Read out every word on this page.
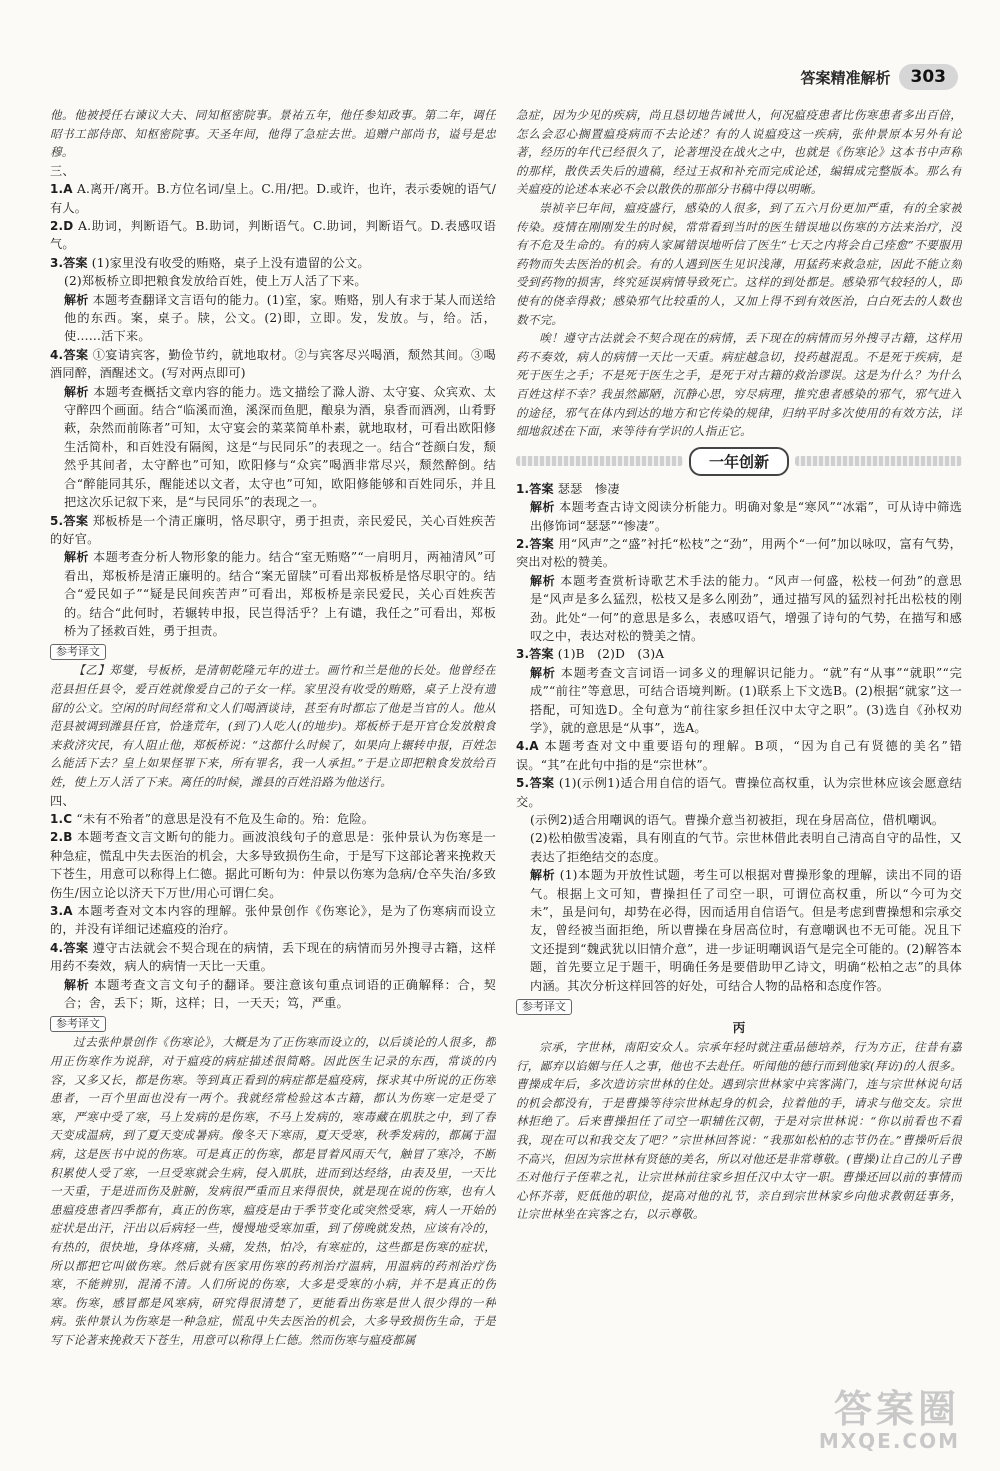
答案精准解析	303

他。他被授任右谏议大夫、同知枢密院事。景祐五年，他任参知政事。第二年，调任昭书工部侍郎、知枢密院事。天圣年间，他得了急症去世。追赠户部尚书，谥号是忠穆。

三、

1.A A.离开/离开。B.方位名词/皇上。C.用/把。D.或许，也许，表示委婉的语气/有人。

2.D A.助词，判断语气。B.助词，判断语气。C.助词，判断语气。D.表感叹语气。

3.答案 (1)家里没有收受的贿赂，桌子上没有遗留的公文。

(2)郑板桥立即把粮食发放给百姓，使上万人活了下来。

解析 本题考查翻译文言语句的能力。(1)室，家。贿赂，别人有求于某人而送给他的东西。案，桌子。牍，公文。(2)即，立即。发，发放。与，给。活，使……活下来。

4.答案 ①宴请宾客，勤俭节约，就地取材。②与宾客尽兴喝酒，颓然其间。③喝酒同醉，酒醒述文。(写对两点即可)

解析 本题考查概括文章内容的能力。选文描绘了滁人游、太守宴、众宾欢、太守醉四个画面。结合“临溪而渔，溪深而鱼肥，酿泉为酒，泉香而酒冽，山肴野蔌，杂然而前陈者”可知，太守宴会的菜菜简单朴素，就地取材，可看出欧阳修生活简朴，和百姓没有隔阂，这是“与民同乐”的表现之一。结合“苍颜白发，颓然乎其间者，太守醉也”可知，欧阳修与“众宾”喝酒非常尽兴，颓然醉倒。结合“醉能同其乐，醒能述以文者，太守也”可知，欧阳修能够和百姓同乐，并且把这次乐记叙下来，是“与民同乐”的表现之一。

5.答案 郑板桥是一个清正廉明，恪尽职守，勇于担责，亲民爱民，关心百姓疾苦的好官。

解析 本题考查分析人物形象的能力。结合“室无贿赂”“一肩明月，两袖清风”可看出，郑板桥是清正廉明的。结合“案无留牍”可看出郑板桥是恪尽职守的。结合“爱民如子”“疑是民间疾苦声”可看出，郑板桥是亲民爱民，关心百姓疾苦的。结合“此何时，若辗转申报，民岂得活乎？上有谴，我任之”可看出，郑板桥为了拯救百姓，勇于担责。

参考译文

【乙】郑燮，号板桥，是清朝乾隆元年的进士。画竹和兰是他的长处。他曾经在范县担任县令，爱百姓就像爱自己的子女一样。家里没有收受的贿赂，桌子上没有遗留的公文。空闲的时间经常和文人们喝酒谈诗，甚至有时都忘了他是当官的人。他从范县被调到潍县任官，恰逢荒年，(到了)人吃人(的地步)。郑板桥于是开官仓发放粮食来救济灾民，有人阻止他，郑板桥说：“这都什么时候了，如果向上辗转申报，百姓怎么能活下去？皇上如果怪罪下来，所有罪名，我一人承担。”于是立即把粮食发放给百姓，使上万人活了下来。离任的时候，潍县的百姓沿路为他送行。

四、

1.C “未有不殆者”的意思是没有不危及生命的。殆：危险。

2.B 本题考查文言文断句的能力。画波浪线句子的意思是：张仲景认为伤寒是一种急症，慌乱中失去医治的机会，大多导致损伤生命，于是写下这部论著来挽救天下苍生，用意可以称得上仁德。据此可断句为：仲景以伤寒为急病/仓卒失治/多致伤生/因立论以济天下万世/用心可谓仁矣。

3.A 本题考查对文本内容的理解。张仲景创作《伤寒论》，是为了伤寒病而设立的，并没有详细记述瘟疫的治疗。

4.答案 遵守古法就会不契合现在的病情，丢下现在的病情而另外搜寻古籍，这样用药不奏效，病人的病情一天比一天重。

解析 本题考查文言文句子的翻译。要注意该句重点词语的正确解释：合，契合；舍，丢下；斯，这样；日，一天天；笃，严重。

参考译文

过去张仲景创作《伤寒论》，大概是为了正伤寒而设立的，以后谈论的人很多，都用正伤寒作为说辞，对于瘟疫的病症描述很简略。因此医生记录的东西，常谈的内容，又多又长，都是伤寒。等到真正看到的病症都是瘟疫病，探求其中所说的正伤寒患者，一百个里面也没有一两个。我就经常检验这本古籍，都认为伤寒一定是受了寒，严寒中受了寒，马上发病的是伤寒，不马上发病的，寒毒藏在肌肤之中，到了春天变成温病，到了夏天变成暑病。像冬天下寒雨，夏天受寒，秋季发病的，都属于温病，这是医书中说的伤寒。可是真正的伤寒，都是冒着风雨天气，触冒了寒冷，不断积累使人受了寒，一旦受寒就会生病，侵入肌肤，进而到达经络，由表及里，一天比一天重，于是进而伤及脏腑，发病很严重而且来得很快，就是现在说的伤寒，也有人患瘟疫患者四季都有，真正的伤寒，瘟疫是由于季节变化或突然受寒，病人一开始的症状是出汗，汗出以后病轻一些，慢慢地受寒加重，到了傍晚就发热，应该有冷的，有热的，很快地，身体疼痛，头痛，发热，怕冷，有寒症的，这些都是伤寒的症状，所以都把它叫做伤寒。然后就有医家用伤寒的药剂治疗温病，用温病的药剂治疗伤寒，不能辨别，混淆不清。人们所说的伤寒，大多是受寒的小病，并不是真正的伤寒。伤寒，感冒都是风寒病，研究得很清楚了，更能看出伤寒是世人很少得的一种病。张仲景认为伤寒是一种急症，慌乱中失去医治的机会，大多导致损伤生命，于是写下论著来挽救天下苍生，用意可以称得上仁德。然而伤寒与瘟疫都属

急症，因为少见的疾病，尚且恳切地告诫世人，何况瘟疫患者比伤寒患者多出百倍，怎么会忍心搁置瘟疫病而不去论述？有的人说瘟疫这一疾病，张仲景原本另外有论著，经历的年代已经很久了，论著埋没在战火之中，也就是《伤寒论》这本书中声称的那样，散佚丢失后的遗稿，经过王叔和补充而完成论述，编辑成完整版本。那么有关瘟疫的论述本来必不会以散佚的那部分书稿中得以明晰。

崇祯辛巳年间，瘟疫盛行，感染的人很多，到了五六月份更加严重，有的全家被传染。疫情在刚刚发生的时候，常常看到当时的医生错误地以伤寒的方法来治疗，没有不危及生命的。有的病人家属错误地听信了医生“七天之内将会自己痊愈”不要服用药物而失去医治的机会。有的人遇到医生见识浅薄，用猛药来救急症，因此不能立刻受到药物的损害，终究延误病情导致死亡。这样的到处都是。感染邪气较轻的人，即使有的侥幸得救；感染邪气比较重的人，又加上得不到有效医治，白白死去的人数也数不完。

唉！遵守古法就会不契合现在的病情，丢下现在的病情而另外搜寻古籍，这样用药不奏效，病人的病情一天比一天重。病症越急切，投药越混乱。不是死于疾病，是死于医生之手；不是死于医生之手，是死于对古籍的救治谬误。这是为什么？为什么百姓这样不幸？我虽然鄙陋，沉静心思，穷尽病理，推究患者感染的邪气，邪气进入的途径，邪气在体内到达的地方和它传染的规律，归纳平时多次使用的有效方法，详细地叙述在下面，来等待有学识的人指正它。

一年创新

1.答案 瑟瑟　惨凄

解析 本题考查古诗文阅读分析能力。明确对象是“寒风”“冰霜”，可从诗中筛选出修饰词“瑟瑟”“惨凄”。

2.答案 用“风声”之“盛”衬托“松枝”之“劲”，用两个“一何”加以咏叹，富有气势，突出对松的赞美。

解析 本题考查赏析诗歌艺术手法的能力。“风声一何盛，松枝一何劲”的意思是“风声是多么猛烈，松枝又是多么刚劲”，通过描写风的猛烈衬托出松枝的刚劲。此处“一何”的意思是多么，表感叹语气，增强了诗句的气势，在描写和感叹之中，表达对松的赞美之情。

3.答案 (1)B　(2)D　(3)A

解析 本题考查文言词语一词多义的理解识记能力。“就”有“从事”“就职”“完成”“前往”等意思，可结合语境判断。(1)联系上下文选B。(2)根据“就家”这一搭配，可知选D。全句意为“前往家乡担任汉中太守之职”。(3)选自《孙权劝学》，就的意思是“从事”，选A。

4.A 本题考查对文中重要语句的理解。B项，“因为自己有贤德的美名”错误。“其”在此句中指的是“宗世林”。

5.答案 (1)(示例1)适合用自信的语气。曹操位高权重，认为宗世林应该会愿意结交。

(示例2)适合用嘲讽的语气。曹操介意当初被拒，现在身居高位，借机嘲讽。

(2)松柏傲雪凌霜，具有刚直的气节。宗世林借此表明自己清高自守的品性，又表达了拒绝结交的态度。

解析 (1)本题为开放性试题，考生可以根据对曹操形象的理解，读出不同的语气。根据上文可知，曹操担任了司空一职，可谓位高权重，所以“今可为交未”，虽是问句，却势在必得，因而适用自信语气。但是考虑到曹操想和宗承交友，曾经被当面拒绝，所以曹操在身居高位时，有意嘲讽也不无可能。况且下文还提到“魏武犹以旧情介意”，进一步证明嘲讽语气是完全可能的。(2)解答本题，首先要立足于题干，明确任务是要借助甲乙诗文，明确“松柏之志”的具体内涵。其次分析这样回答的好处，可结合人物的品格和态度作答。

参考译文

丙

宗承，字世林，南阳安众人。宗承年轻时就注重品德培养，行为方正，往昔有嘉行，鄙弃以谄媚与任人之事，他也不去赴任。听闻他的德行而到他家(拜访)的人很多。曹操成年后，多次造访宗世林的住处。遇到宗世林家中宾客满门，连与宗世林说句话的机会都没有，于是曹操等待宗世林起身的机会，拉着他的手，请求与他交友。宗世林拒绝了。后来曹操担任了司空一职辅佐汉朝，于是对宗世林说：“你以前看也不看我，现在可以和我交友了吧？”宗世林回答说：“我那如松柏的志节仍在。”曹操听后很不高兴，但因为宗世林有贤德的美名，所以对他还是非常尊敬。(曹操)让自己的儿子曹丕对他行子侄辈之礼，让宗世林前往家乡担任汉中太守一职。曹操还回以前的事情而心怀芥蒂，贬低他的职位，提高对他的礼节，亲自到宗世林家乡向他求教朝廷事务，让宗世林坐在宾客之右，以示尊敬。

答案圈
MXQE.COM
